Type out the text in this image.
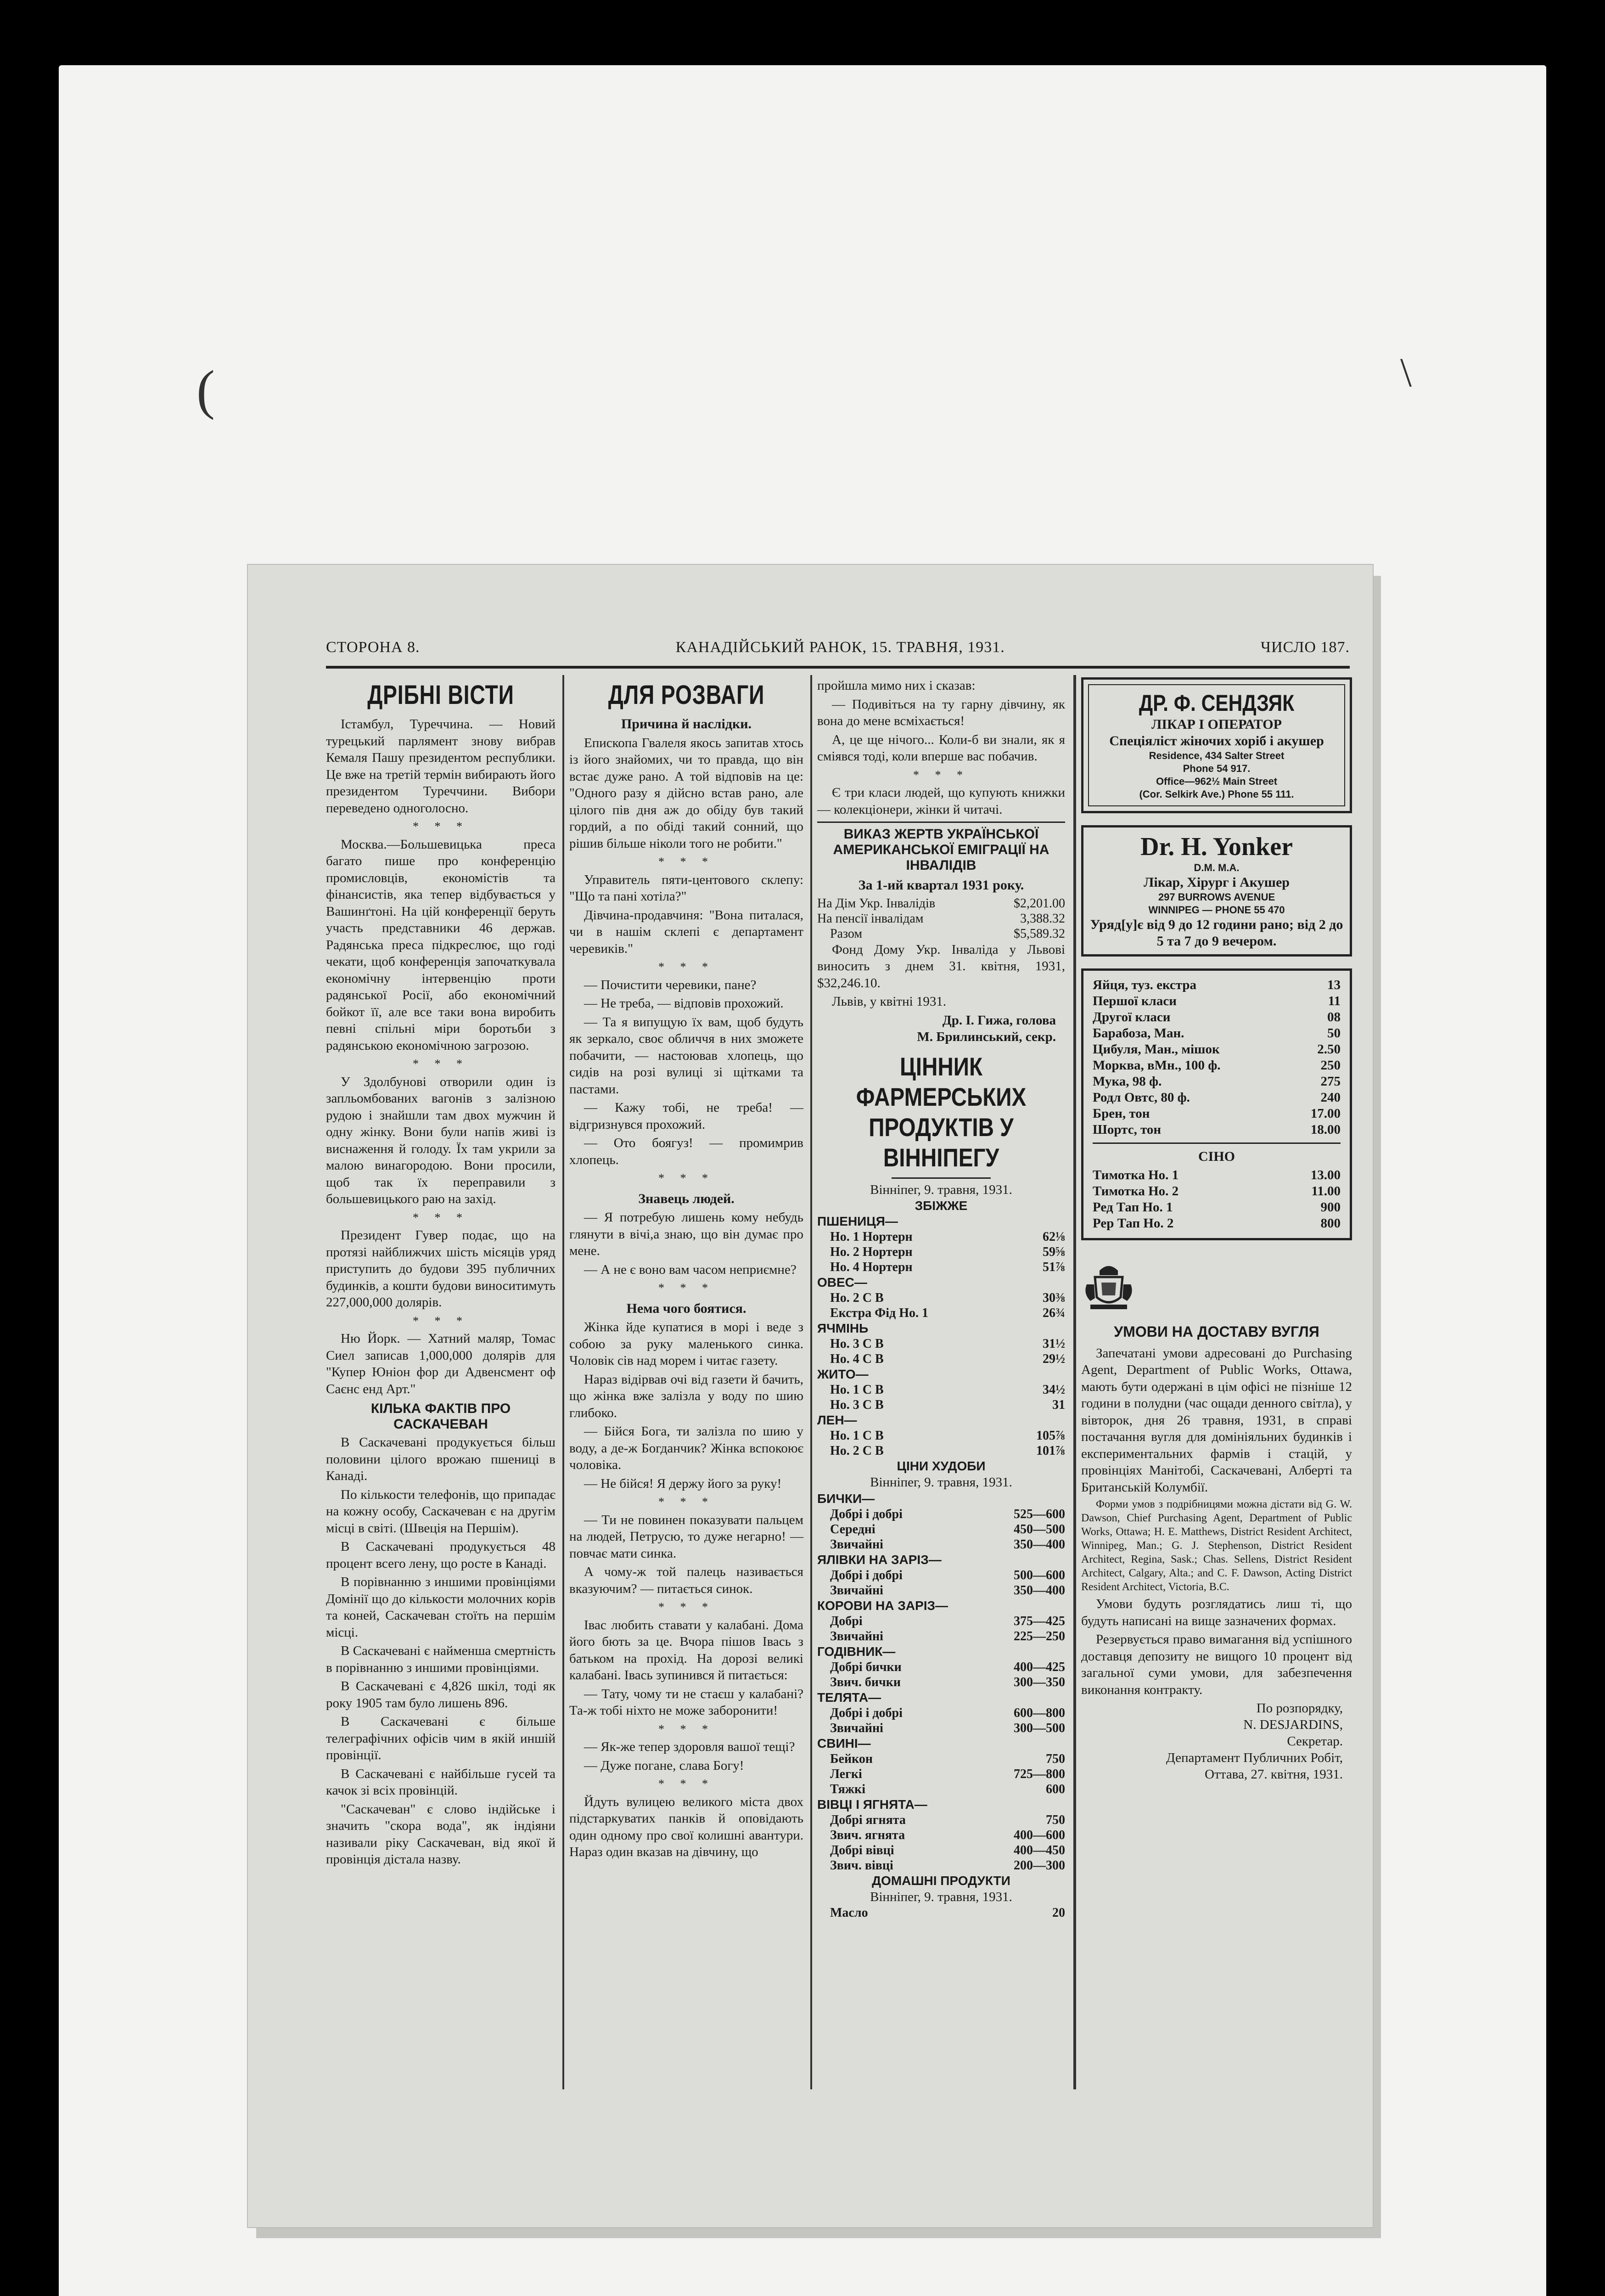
(	\
СТОРОНА 8.	КАНАДІЙСЬКИЙ РАНОК, 15. ТРАВНЯ, 1931.	ЧИСЛО 187.
ДРІБНІ ВІСТИ

Істамбул, Туреччина. — Новий турецький парлямент знову вибрав Кемаля Пашу президентом республики. Це вже на третій термін вибирають його президентом Туреччини. Вибори переведено одноголосно.

* * *

Москва.—Большевицька преса багато пише про конференцію промисловців, економістів та фінансистів, яка тепер відбувається у Вашинґтоні. На цій конференції беруть участь представники 46 держав. Радянська преса підкреслює, що годі чекати, щоб конференція започаткувала економічну інтервенцію проти радянської Росії, або економічний бойкот її, але все таки вона виробить певні спільні міри боротьби з радянською економічною загрозою.

* * *

У Здолбунові отворили один із запльомбованих вагонів з залізною рудою і знайшли там двох мужчин й одну жінку. Вони були напів живі із виснаження й голоду. Їх там укрили за малою винагородою. Вони просили, щоб так їх переправили з большевицького раю на захід.

* * *

Президент Гувер подає, що на протязі найближчих шість місяців уряд приступить до будови 395 публичних будинків, а кошти будови виноситимуть 227,000,000 долярів.

* * *

Ню Йорк. — Хатний маляр, Томас Сиел записав 1,000,000 долярів для "Купер Юніон фор ди Адвенсмент оф Саєнс енд Арт."

КІЛЬКА ФАКТІВ ПРО САСКАЧЕВАН

В Саскачевані продукується більш половини цілого врожаю пшениці в Канаді.

По кількости телефонів, що припадає на кожну особу, Саскачеван є на другім місці в світі. (Швеція на Першім).

В Саскачевані продукується 48 процент всего лену, що росте в Канаді.

В порівнанню з иншими провінціями Домінії що до кількости молочних корів та коней, Саскачеван стоїть на першім місці.

В Саскачевані є найменша смертність в порівнанню з иншими провінціями.

В Саскачевані є 4,826 шкіл, тоді як року 1905 там було лишень 896.

В Саскачевані є більше телеграфічних офісів чим в якій иншій провінції.

В Саскачевані є найбільше гусей та качок зі всіх провінцій.

"Саскачеван" є слово індійське і значить "скора вода", як індіяни називали ріку Саскачеван, від якої й провінція дістала назву.

ДЛЯ РОЗВАГИ
Причина й наслідки.

Епископа Гвалеля якось запитав хтось із його знайомих, чи то правда, що він встає дуже рано. А той відповів на це: "Одного разу я дійсно встав рано, але цілого пів дня аж до обіду був такий гордий, а по обіді такий сонний, що рішив більше ніколи того не робити."

* * *

Управитель пяти-центового склепу: "Що та пані хотіла?"

Дівчина-продавчиня: "Вона питалася, чи в нашім склепі є департамент черевиків."

* * *

— Почистити черевики, пане?

— Не треба, — відповів прохожий.

— Та я випущую їх вам, щоб будуть як зеркало, своє обличчя в них зможете побачити, — настоював хлопець, що сидів на розі вулиці зі щітками та пастами.

— Кажу тобі, не треба! — відгризнувся прохожий.

— Ото боягуз! — промимрив хлопець.

* * *
Знавець людей.

— Я потребую лишень кому небудь глянути в вічі,а знаю, що він думає про мене.

— А не є воно вам часом неприємне?

* * *
Нема чого боятися.

Жінка йде купатися в морі і веде з собою за руку маленького синка. Чоловік сів над морем і читає газету.

Нараз відірвав очі від газети й бачить, що жінка вже залізла у воду по шию глибоко.

— Бійся Бога, ти залізла по шию у воду, а де-ж Богданчик? Жінка вспокоює чоловіка.

— Не бійся! Я держу його за руку!

* * *

— Ти не повинен показувати пальцем на людей, Петрусю, то дуже негарно! — повчає мати синка.

А чому-ж той палець називається вказуючим? — питається синок.

* * *

Івас любить ставати у калабані. Дома його бють за це. Вчора пішов Івась з батьком на прохід. На дорозі великі калабані. Івась зупинився й питається:

— Тату, чому ти не стаєш у калабані? Та-ж тобі ніхто не може заборонити!

* * *

— Як-же тепер здоровля вашої тещі?

— Дуже погане, слава Богу!

* * *

Йдуть вулицею великого міста двох підстаркуватих панків й оповідають один одному про свої колишні авантури. Нараз один вказав на дівчину, що

пройшла мимо них і сказав:

— Подивіться на ту гарну дівчину, як вона до мене всміхається!

А, це ще нічого... Коли-б ви знали, як я сміявся тоді, коли вперше вас побачив.

* * *

Є три класи людей, що купують книжки — колекціонери, жінки й читачі.

ВИКАЗ ЖЕРТВ УКРАЇНСЬКОЇ АМЕРИКАНСЬКОЇ ЕМІГРАЦІЇ НА ІНВАЛІДІВ
За 1-ий квартал 1931 року.
На Дім Укр. Інвалідів	$2,201.00
На пенсії інвалідам	3,388.32
Разом	$5,589.32

Фонд Дому Укр. Інваліда у Львові виносить з днем 31. квітня, 1931, $32,246.10.

Львів, у квітні 1931.

Др. І. Гижа, голова
М. Брилинський, секр.
ЦІННИК ФАРМЕРСЬКИХ ПРОДУКТІВ У ВІННІПЕГУ
Вінніпег, 9. травня, 1931.
ЗБІЖЖЕ
ПШЕНИЦЯ—
Но. 1 Нортерн	62⅛
Но. 2 Нортерн	59⅝
Но. 4 Нортерн	51⅞
ОВЕС—
Но. 2 С В	30⅜
Екстра Фід Но. 1	26¾
ЯЧМІНЬ
Но. 3 С В	31½
Но. 4 С В	29½
ЖИТО—
Но. 1 С В	34½
Но. 3 С В	31
ЛЕН—
Но. 1 С В	105⅞
Но. 2 С В	101⅞
ЦІНИ ХУДОБИ
Вінніпег, 9. травня, 1931.
БИЧКИ—
Добрі і добрі	525—600
Середні	450—500
Звичайні	350—400
ЯЛІВКИ НА ЗАРІЗ—
Добрі і добрі	500—600
Звичайні	350—400
КОРОВИ НА ЗАРІЗ—
Добрі	375—425
Звичайні	225—250
ГОДІВНИК—
Добрі бички	400—425
Звич. бички	300—350
ТЕЛЯТА—
Добрі і добрі	600—800
Звичайні	300—500
СВИНІ—
Бейкон	750
Легкі	725—800
Тяжкі	600
ВІВЦІ І ЯГНЯТА—
Добрі ягнята	750
Звич. ягнята	400—600
Добрі вівці	400—450
Звич. вівці	200—300
ДОМАШНІ ПРОДУКТИ
Вінніпег, 9. травня, 1931.
Масло	20
ДР. Ф. СЕНДЗЯК
ЛІКАР І ОПЕРАТОР
Спеціяліст жіночих хоріб і акушер
Residence, 434 Salter Street
Phone 54 917.
Office—962½ Main Street
(Cor. Selkirk Ave.) Phone 55 111.
Dr. H. Yonker
D.M. M.A.
Лікар, Хірург і Акушер
297 BURROWS AVENUE
WINNIPEG — PHONE 55 470
Уряд[у]є від 9 до 12 години рано; від 2 до 5 та 7 до 9 вечером.
Яйця, туз. екстра	13
Першої класи	11
Другої класи	08
Барабоза, Ман.	50
Цибуля, Ман., мішок	2.50
Морква, вМн., 100 ф.	250
Мука, 98 ф.	275
Родл Овтс, 80 ф.	240
Брен, тон	17.00
Шортс, тон	18.00
СІНО
Тимотка Но. 1	13.00
Тимотка Но. 2	11.00
Ред Тап Но. 1	900
Рер Тап Но. 2	800
УМОВИ НА ДОСТАВУ ВУГЛЯ

Запечатані умови адресовані до Purchasing Agent, Department of Public Works, Ottawa, мають бути одержані в цім офісі не пізніше 12 години в полудни (час ощади денного світла), у вівторок, дня 26 травня, 1931, в справі постачання вугля для домініяльних будинків і експериментальних фармів і стацій, у провінціях Манітобі, Саскачевані, Алберті та Британській Колумбії.

Форми умов з подрібницями можна дістати від G. W. Dawson, Chief Purchasing Agent, Department of Public Works, Ottawa; H. E. Matthews, District Resident Architect, Winnipeg, Man.; G. J. Stephenson, District Resident Architect, Regina, Sask.; Chas. Sellens, District Resident Architect, Calgary, Alta.; and C. F. Dawson, Acting District Resident Architect, Victoria, B.C.

Умови будуть розглядатись лиш ті, що будуть написані на вище зазначених формах.

Резервується право вимагання від успішного доставця депозиту не вищого 10 процент від загальної суми умови, для забезпечення виконання контракту.

По розпорядку,
N. DESJARDINS,
Секретар.
Департамент Публичних Робіт,
Оттава, 27. квітня, 1931.
